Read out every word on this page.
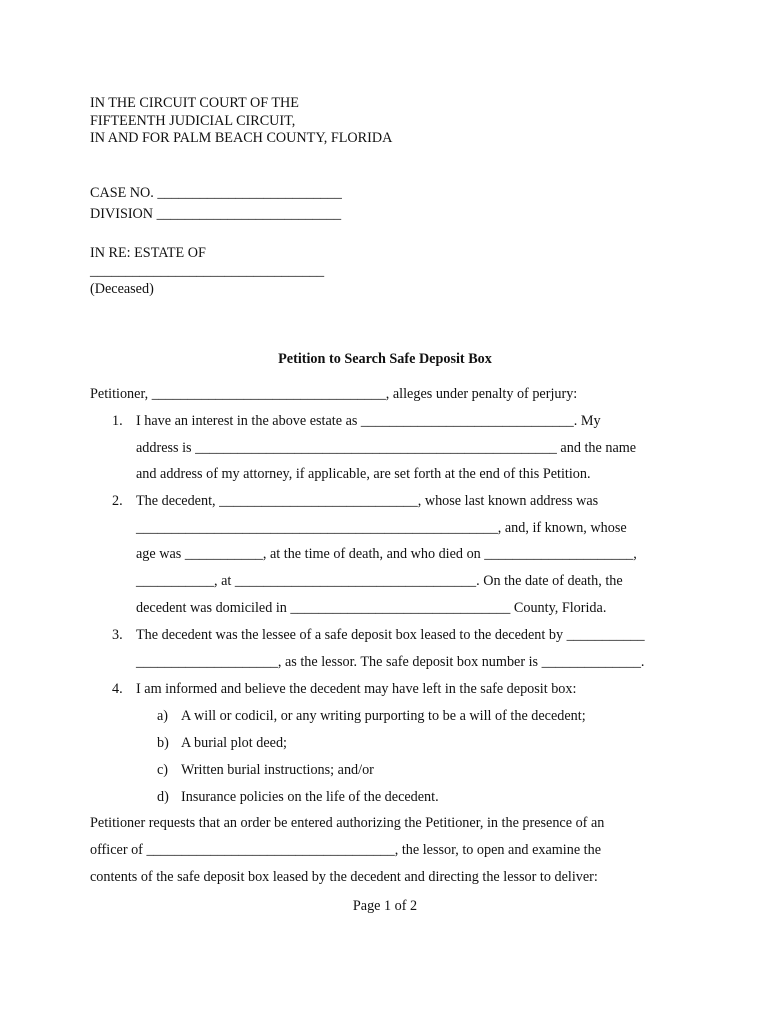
IN THE CIRCUIT COURT OF THE
FIFTEENTH JUDICIAL CIRCUIT,
IN AND FOR PALM BEACH COUNTY, FLORIDA
CASE NO. __________________________
DIVISION __________________________
IN RE: ESTATE OF
_________________________________
(Deceased)
Petition to Search Safe Deposit Box
Petitioner, _________________________________, alleges under penalty of perjury:
1. I have an interest in the above estate as ______________________________. My
address is ___________________________________________________ and the name
and address of my attorney, if applicable, are set forth at the end of this Petition.
2. The decedent, ____________________________, whose last known address was
___________________________________________________, and, if known, whose
age was ___________, at the time of death, and who died on _____________________,
___________, at __________________________________. On the date of death, the
decedent was domiciled in _______________________________ County, Florida.
3. The decedent was the lessee of a safe deposit box leased to the decedent by ___________
____________________, as the lessor. The safe deposit box number is ______________.
4. I am informed and believe the decedent may have left in the safe deposit box:
a) A will or codicil, or any writing purporting to be a will of the decedent;
b) A burial plot deed;
c) Written burial instructions; and/or
d) Insurance policies on the life of the decedent.
Petitioner requests that an order be entered authorizing the Petitioner, in the presence of an
officer of ___________________________________, the lessor, to open and examine the
contents of the safe deposit box leased by the decedent and directing the lessor to deliver:
Page 1 of 2
